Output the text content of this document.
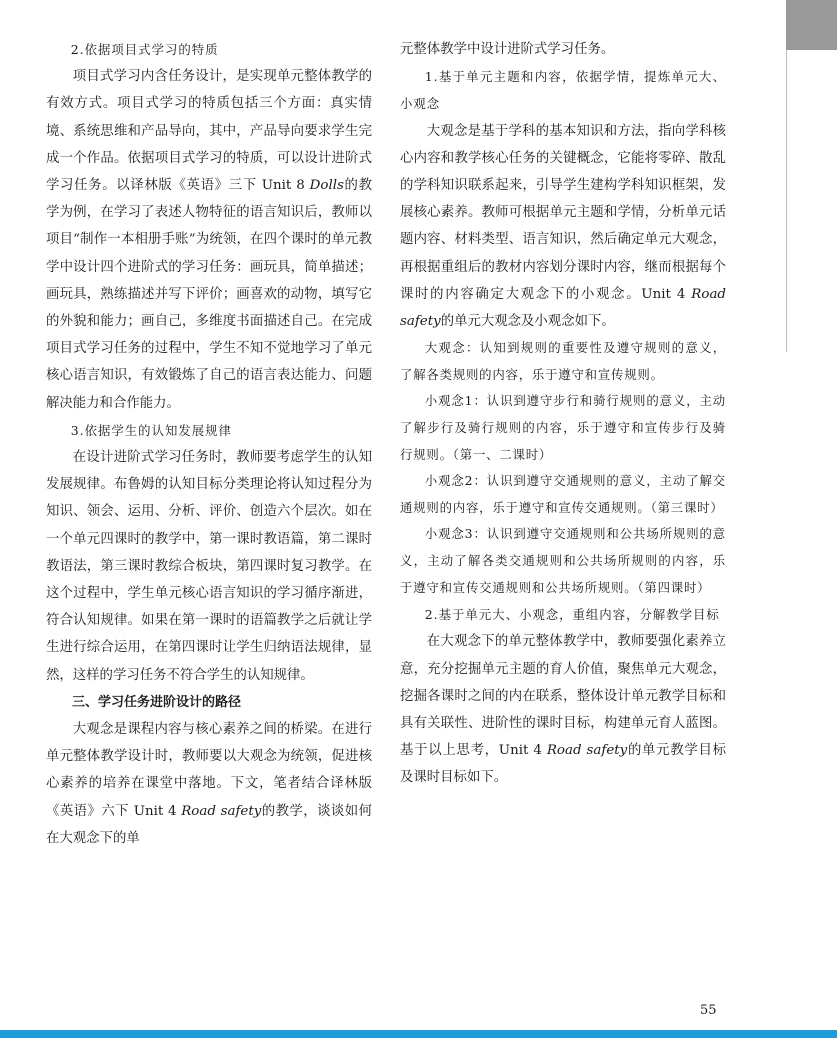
2.依据项目式学习的特质

项目式学习内含任务设计，是实现单元整体教学的有效方式。项目式学习的特质包括三个方面：真实情境、系统思维和产品导向，其中，产品导向要求学生完成一个作品。依据项目式学习的特质，可以设计进阶式学习任务。以译林版《英语》三下 Unit 8 Dolls的教学为例，在学习了表述人物特征的语言知识后，教师以项目“制作一本相册手账”为统领，在四个课时的单元教学中设计四个进阶式的学习任务：画玩具，简单描述；画玩具，熟练描述并写下评价；画喜欢的动物，填写它的外貌和能力；画自己，多维度书面描述自己。在完成项目式学习任务的过程中，学生不知不觉地学习了单元核心语言知识，有效锻炼了自己的语言表达能力、问题解决能力和合作能力。

3.依据学生的认知发展规律

在设计进阶式学习任务时，教师要考虑学生的认知发展规律。布鲁姆的认知目标分类理论将认知过程分为知识、领会、运用、分析、评价、创造六个层次。如在一个单元四课时的教学中，第一课时教语篇，第二课时教语法，第三课时教综合板块，第四课时复习教学。在这个过程中，学生单元核心语言知识的学习循序渐进，符合认知规律。如果在第一课时的语篇教学之后就让学生进行综合运用，在第四课时让学生归纳语法规律，显然，这样的学习任务不符合学生的认知规律。

三、学习任务进阶设计的路径

大观念是课程内容与核心素养之间的桥梁。在进行单元整体教学设计时，教师要以大观念为统领，促进核心素养的培养在课堂中落地。下文，笔者结合译林版《英语》六下 Unit 4 Road safety的教学，谈谈如何在大观念下的单

元整体教学中设计进阶式学习任务。

1.基于单元主题和内容，依据学情，提炼单元大、小观念

大观念是基于学科的基本知识和方法，指向学科核心内容和教学核心任务的关键概念，它能将零碎、散乱的学科知识联系起来，引导学生建构学科知识框架，发展核心素养。教师可根据单元主题和学情，分析单元话题内容、材料类型、语言知识，然后确定单元大观念，再根据重组后的教材内容划分课时内容，继而根据每个课时的内容确定大观念下的小观念。Unit 4 Road safety的单元大观念及小观念如下。

大观念：认知到规则的重要性及遵守规则的意义，了解各类规则的内容，乐于遵守和宣传规则。

小观念1：认识到遵守步行和骑行规则的意义，主动了解步行及骑行规则的内容，乐于遵守和宣传步行及骑行规则。（第一、二课时）

小观念2：认识到遵守交通规则的意义，主动了解交通规则的内容，乐于遵守和宣传交通规则。（第三课时）

小观念3：认识到遵守交通规则和公共场所规则的意义，主动了解各类交通规则和公共场所规则的内容，乐于遵守和宣传交通规则和公共场所规则。（第四课时）

2.基于单元大、小观念，重组内容，分解教学目标

在大观念下的单元整体教学中，教师要强化素养立意，充分挖掘单元主题的育人价值，聚焦单元大观念，挖掘各课时之间的内在联系，整体设计单元教学目标和具有关联性、进阶性的课时目标，构建单元育人蓝图。基于以上思考，Unit 4 Road safety的单元教学目标及课时目标如下。

55
